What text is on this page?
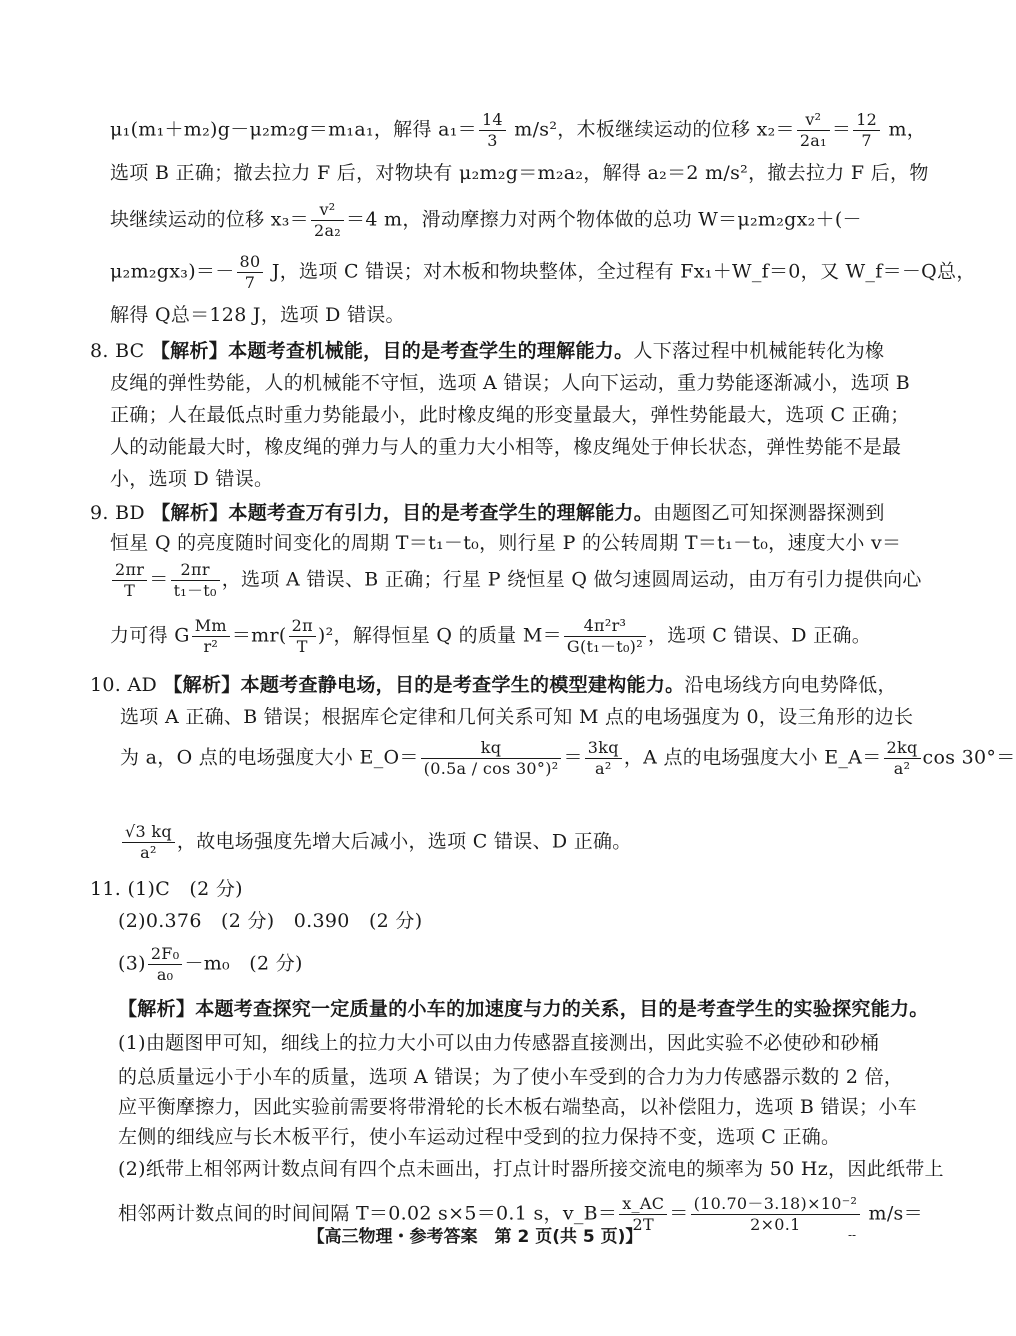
μ₁(m₁＋m₂)g－μ₂m₂g＝m₁a₁，解得 $a_1= \frac{14}{3} m/s^2$，木板继续运动的位移 $x_2= \frac{\text{v²}}{\text{2a₁}} = \frac{12}{7}$ m，
选项 B 正确；撤去拉力 F 后，对物块有 μ₂m₂g＝m₂a₂，解得 a₂＝2 m/s²，撤去拉力 F 后，物
块继续运动的位移 $x_3= \frac{\text{v²}}{\text{2a₂}} =4$ m，滑动摩擦力对两个物体做的总功 W＝μ₂m₂gx₂＋(－
$\mu_2m_2gx_3)=- \frac{80}{7}$ J，选项 C 错误；对木板和物块整体，全过程有 Fx₁＋W_f＝0，又 W_f＝－Q总，
解得 Q总＝128 J，选项 D 错误。
8. BC 【解析】本题考查机械能，目的是考查学生的理解能力。人下落过程中机械能转化为橡
皮绳的弹性势能，人的机械能不守恒，选项 A 错误；人向下运动，重力势能逐渐减小，选项 B
正确；人在最低点时重力势能最小，此时橡皮绳的形变量最大，弹性势能最大，选项 C 正确；
人的动能最大时，橡皮绳的弹力与人的重力大小相等，橡皮绳处于伸长状态，弹性势能不是最
小，选项 D 错误。
9. BD 【解析】本题考查万有引力，目的是考查学生的理解能力。由题图乙可知探测器探测到
恒星 Q 的亮度随时间变化的周期 T＝t₁－t₀，则行星 P 的公转周期 T＝t₁－t₀，速度大小 v＝
$\frac{2\pi r}{T} = \frac{2\pi r}{\text{t₁－t₀}}$ ，选项 A 错误、B 正确；行星 P 绕恒星 Q 做匀速圆周运动，由万有引力提供向心
力可得 G $\frac{Mm}{\text{r²}} =mr( \frac{2\pi}{T} )^2$，解得恒星 Q 的质量 $M= \frac{\text{4π²r³}}{\text{G(t₁－t₀)²}}$ ，选项 C 错误、D 正确。
10. AD 【解析】本题考查静电场，目的是考查学生的模型建构能力。沿电场线方向电势降低，
选项 A 正确、B 错误；根据库仑定律和几何关系可知 M 点的电场强度为 0，设三角形的边长
为 a，O 点的电场强度大小 E_O＝ $\frac{kq}{\text{(0.5a / cos 30°)²}} = \frac{3kq}{\text{a²}}$ ，A 点的电场强度大小 E_A＝ $\frac{2kq}{\text{a²}}$ cos 30°＝
$\frac{√3 kq}{\text{a²}}$ ，故电场强度先增大后减小，选项 C 错误、D 正确。
11. (1)C　(2 分)
(2)0.376　(2 分)　0.390　(2 分)
$(3) \frac{\text{2F₀}}{\text{a₀}} -m_0$　(2 分)
【解析】本题考查探究一定质量的小车的加速度与力的关系，目的是考查学生的实验探究能力。
(1)由题图甲可知，细线上的拉力大小可以由力传感器直接测出，因此实验不必使砂和砂桶
的总质量远小于小车的质量，选项 A 错误；为了使小车受到的合力为力传感器示数的 2 倍，
应平衡摩擦力，因此实验前需要将带滑轮的长木板右端垫高，以补偿阻力，选项 B 错误；小车
左侧的细线应与长木板平行，使小车运动过程中受到的拉力保持不变，选项 C 正确。
(2)纸带上相邻两计数点间有四个点未画出，打点计时器所接交流电的频率为 50 Hz，因此纸带上
相邻两计数点间的时间间隔 T＝0.02 s×5＝0.1 s，v_B＝ $\frac{x\_AC}{2T} = \frac{\text{(10.70－3.18)×10⁻²}}{2\times 0.1} m/s=$
【高三物理・参考答案　第 2 页(共 5 页)】	--
